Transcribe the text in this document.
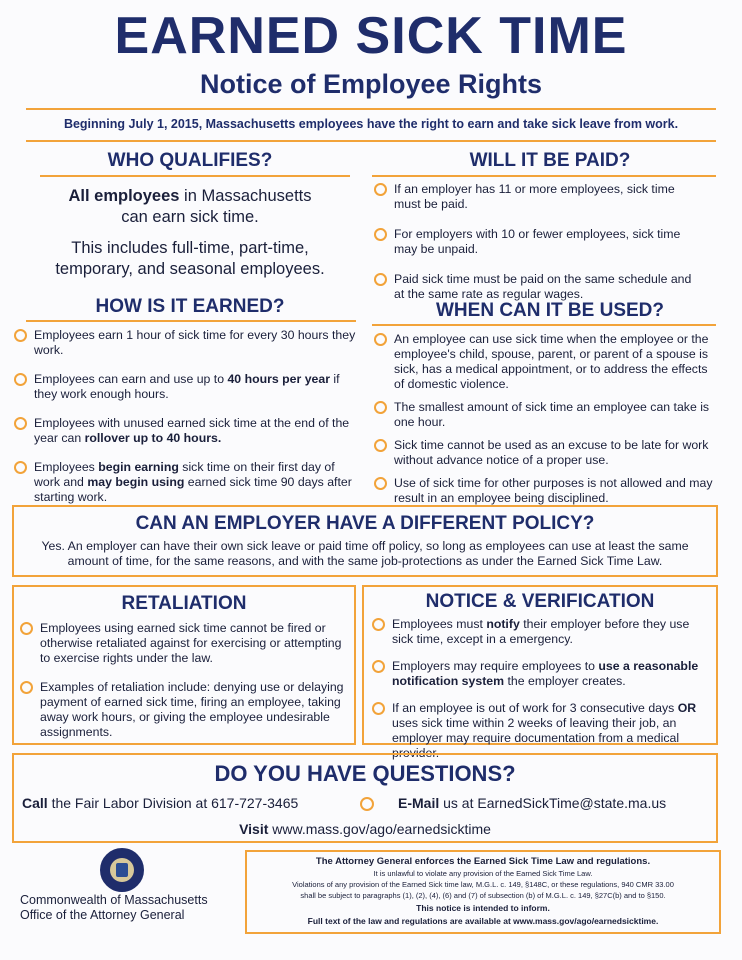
EARNED SICK TIME
Notice of Employee Rights
Beginning July 1, 2015, Massachusetts employees have the right to earn and take sick leave from work.
WHO QUALIFIES?
All employees in Massachusetts
can earn sick time.
This includes full-time, part-time,
temporary, and seasonal employees.
WILL IT BE PAID?
If an employer has 11 or more employees, sick time must be paid.
For employers with 10 or fewer employees, sick time may be unpaid.
Paid sick time must be paid on the same schedule and at the same rate as regular wages.
HOW IS IT EARNED?
Employees earn 1 hour of sick time for every 30 hours they work.
Employees can earn and use up to 40 hours per year if they work enough hours.
Employees with unused earned sick time at the end of the year can rollover up to 40 hours.
Employees begin earning sick time on their first day of work and may begin using earned sick time 90 days after starting work.
WHEN CAN IT BE USED?
An employee can use sick time when the employee or the employee's child, spouse, parent, or parent of a spouse is sick, has a medical appointment, or to address the effects of domestic violence.
The smallest amount of sick time an employee can take is one hour.
Sick time cannot be used as an excuse to be late for work without advance notice of a proper use.
Use of sick time for other purposes is not allowed and may result in an employee being disciplined.
CAN AN EMPLOYER HAVE A DIFFERENT POLICY?
Yes. An employer can have their own sick leave or paid time off policy, so long as employees can use at least the same amount of time, for the same reasons, and with the same job-protections as under the Earned Sick Time Law.
RETALIATION
Employees using earned sick time cannot be fired or otherwise retaliated against for exercising or attempting to exercise rights under the law.
Examples of retaliation include: denying use or delaying payment of earned sick time, firing an employee, taking away work hours, or giving the employee undesirable assignments.
NOTICE & VERIFICATION
Employees must notify their employer before they use sick time, except in a emergency.
Employers may require employees to use a reasonable notification system the employer creates.
If an employee is out of work for 3 consecutive days OR uses sick time within 2 weeks of leaving their job, an employer may require documentation from a medical provider.
DO YOU HAVE QUESTIONS?
Call the Fair Labor Division at 617-727-3465	E-Mail us at EarnedSickTime@state.ma.us
Visit www.mass.gov/ago/earnedsicktime
Commonwealth of Massachusetts
Office of the Attorney General
The Attorney General enforces the Earned Sick Time Law and regulations.
It is unlawful to violate any provision of the Earned Sick Time Law.
Violations of any provision of the Earned Sick time law, M.G.L. c. 149, §148C, or these regulations, 940 CMR 33.00
shall be subject to paragraphs (1), (2), (4), (6) and (7) of subsection (b) of M.G.L. c. 149, §27C(b) and to §150.
This notice is intended to inform.
Full text of the law and regulations are available at www.mass.gov/ago/earnedsicktime.
